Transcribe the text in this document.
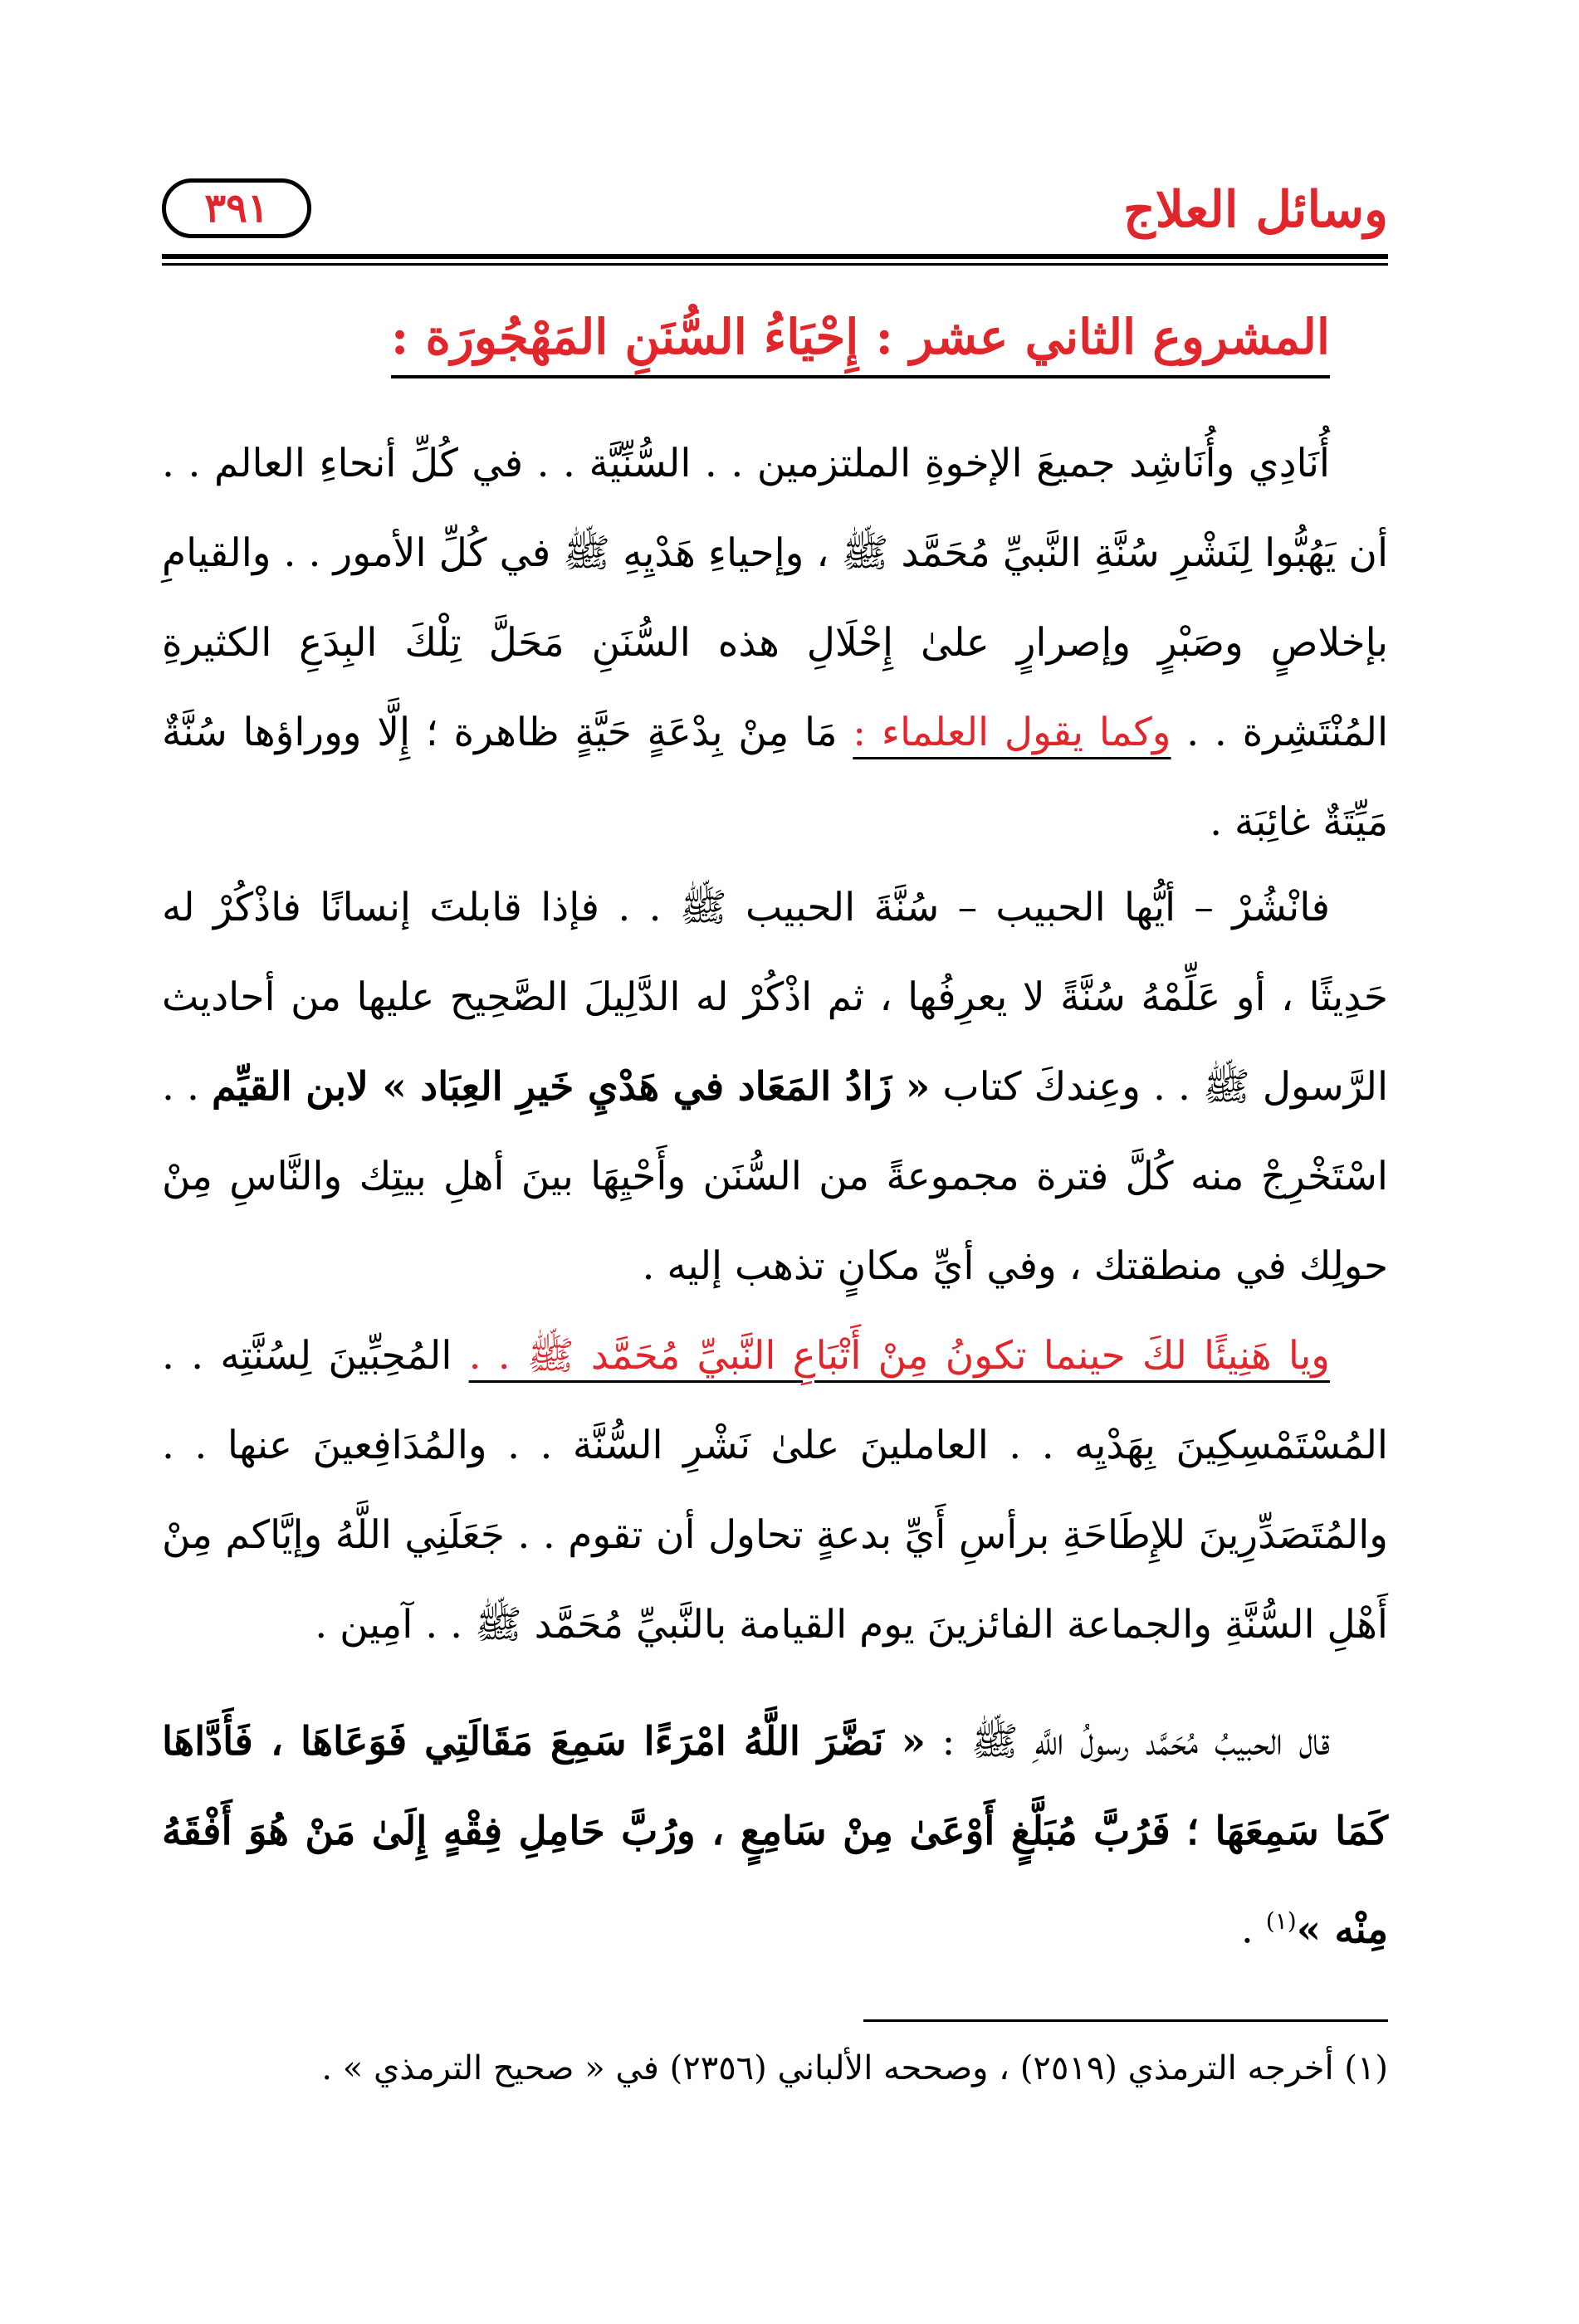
وسائل العلاج
٣٩١
المشروع الثاني عشر : إِحْيَاءُ السُّنَنِ المَهْجُورَة :

أُنَادِي وأُنَاشِد جميعَ الإخوةِ الملتزمين . . السُّنِّيَّة . . في كُلِّ أنحاءِ العالم . . أن يَهُبُّوا لِنَشْرِ سُنَّةِ النَّبيِّ مُحَمَّد ﷺ ، وإحياءِ هَدْيِهِ ﷺ في كُلِّ الأمور . . والقيامِ بإخلاصٍ وصَبْرٍ وإصرارٍ علىٰ إِحْلَالِ هذه السُّنَنِ مَحَلَّ تِلْكَ البِدَعِ الكثيرةِ المُنْتَشِرة . . وكما يقول العلماء : مَا مِنْ بِدْعَةٍ حَيَّةٍ ظاهرة ؛ إِلَّا ووراؤها سُنَّةٌ مَيِّتَةٌ غائِبَة .

فانْشُرْ – أيُّها الحبيب – سُنَّةَ الحبيب ﷺ . . فإذا قابلتَ إنسانًا فاذْكُرْ له حَدِيثًا ، أو عَلِّمْهُ سُنَّةً لا يعرِفُها ، ثم اذْكُرْ له الدَّلِيلَ الصَّحِيح عليها من أحاديث الرَّسول ﷺ . . وعِندكَ كتاب « زَادُ المَعَاد في هَدْيِ خَيرِ العِبَاد » لابن القيِّم . . اسْتَخْرِجْ منه كُلَّ فترة مجموعةً من السُّنَن وأَحْيِهَا بينَ أهلِ بيتِك والنَّاسِ مِنْ حولِك في منطقتك ، وفي أيِّ مكانٍ تذهب إليه .

ويا هَنِيئًا لكَ حينما تكونُ مِنْ أَتْبَاعِ النَّبيِّ مُحَمَّد ﷺ . . المُحِبِّينَ لِسُنَّتِه . . المُسْتَمْسِكِينَ بِهَدْيِه . . العاملينَ علىٰ نَشْرِ السُّنَّة . . والمُدَافِعينَ عنها . . والمُتَصَدِّرِينَ للإِطَاحَةِ برأسِ أَيِّ بدعةٍ تحاول أن تقوم . . جَعَلَنِي اللَّهُ وإيَّاكم مِنْ أَهْلِ السُّنَّةِ والجماعة الفائزينَ يوم القيامة بالنَّبيِّ مُحَمَّد ﷺ . . آمِين .

قال الحبيبُ مُحَمَّد رسولُ اللَّهِ ﷺ : « نَضَّرَ اللَّهُ امْرَءًا سَمِعَ مَقَالَتِي فَوَعَاهَا ، فَأَدَّاهَا كَمَا سَمِعَهَا ؛ فَرُبَّ مُبَلَّغٍ أَوْعَىٰ مِنْ سَامِعٍ ، ورُبَّ حَامِلِ فِقْهٍ إِلَىٰ مَنْ هُوَ أَفْقَهُ مِنْه »$^{(١)}$ .

(١) أخرجه الترمذي (٢٥١٩) ، وصححه الألباني (٢٣٥٦) في « صحيح الترمذي » .
